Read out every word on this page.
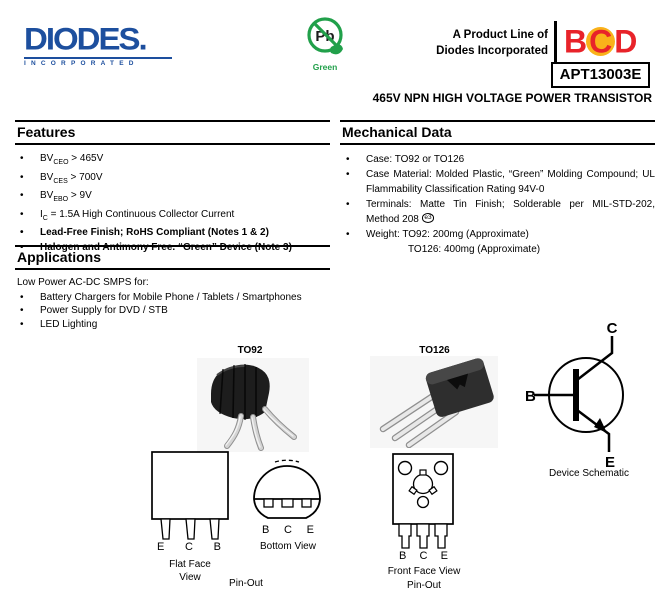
DIODES.
INCORPORATED
Pb
Green
A Product Line of
Diodes Incorporated BCD
APT13003E
465V NPN HIGH VOLTAGE POWER TRANSISTOR
Features
• $BV_{CEO} > 465V$
• $BV_{CES} > 700V$
• $BV_{EBO} > 9V$
• $I_C = 1.5A$ High Continuous Collector Current
• Lead-Free Finish; RoHS Compliant (Notes 1 & 2)
• Halogen and Antimony Free. “Green” Device (Note 3)
Applications
Low Power AC-DC SMPS for:
• Battery Chargers for Mobile Phone / Tablets / Smartphones
• Power Supply for DVD / STB
• LED Lighting
Mechanical Data
• Case: TO92 or TO126
• Case Material: Molded Plastic, “Green” Molding Compound; UL
Flammability Classification Rating 94V-0
• Terminals: Matte Tin Finish; Solderable per MIL-STD-202,
Method 208 e3
• Weight: TO92: 200mg (Approximate)
TO126: 400mg (Approximate)
TO92	TO126
C
B
E
Device Schematic
E C B
Flat Face
View
B C E
Bottom View
Pin-Out
B C E
Front Face View
Pin-Out
